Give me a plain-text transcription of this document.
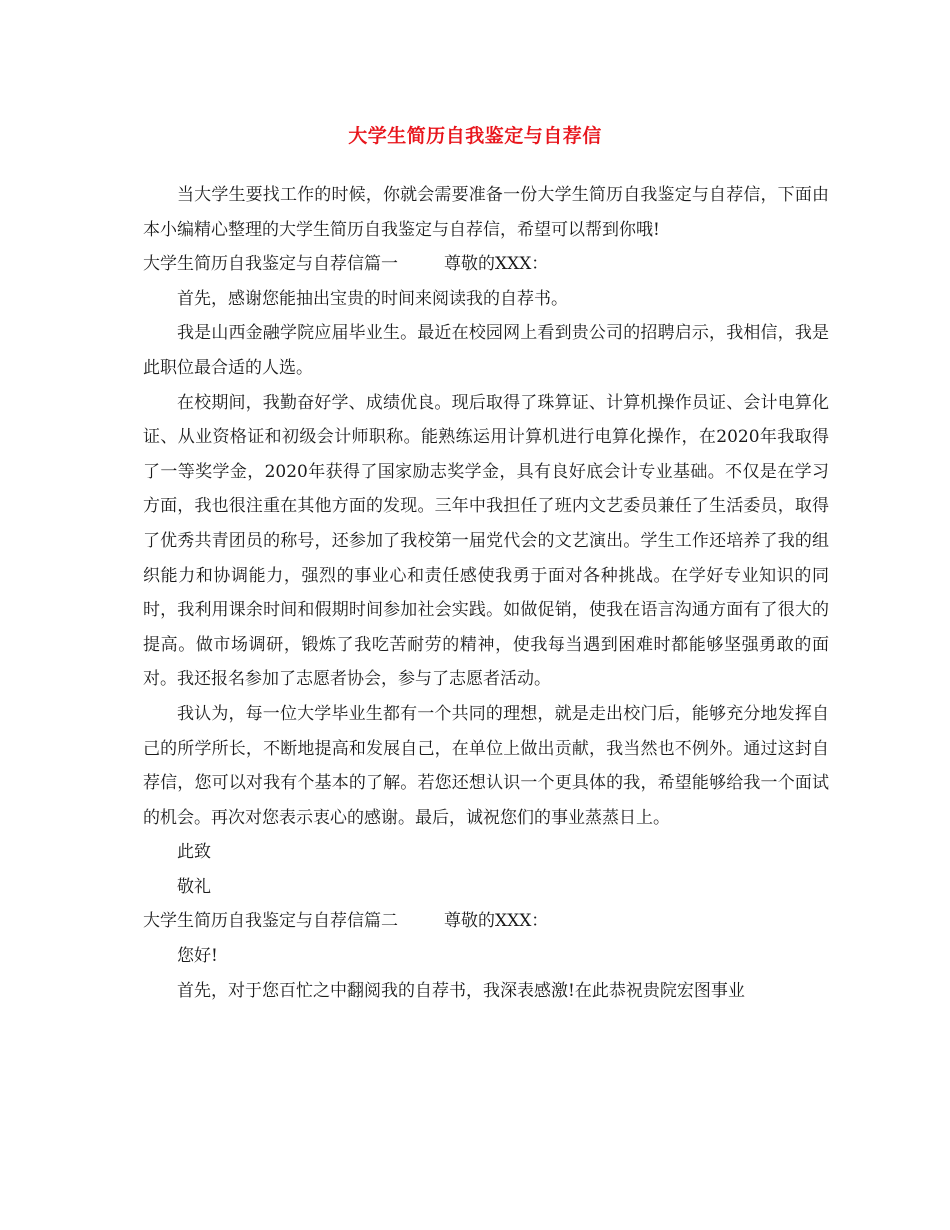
大学生简历自我鉴定与自荐信

当大学生要找工作的时候，你就会需要准备一份大学生简历自我鉴定与自荐信，下面由本小编精心整理的大学生简历自我鉴定与自荐信，希望可以帮到你哦!

大学生简历自我鉴定与自荐信篇一	尊敬的XXX：

首先，感谢您能抽出宝贵的时间来阅读我的自荐书。

我是山西金融学院应届毕业生。最近在校园网上看到贵公司的招聘启示，我相信，我是此职位最合适的人选。

在校期间，我勤奋好学、成绩优良。现后取得了珠算证、计算机操作员证、会计电算化证、从业资格证和初级会计师职称。能熟练运用计算机进行电算化操作，在2020年我取得了一等奖学金，2020年获得了国家励志奖学金，具有良好底会计专业基础。不仅是在学习方面，我也很注重在其他方面的发现。三年中我担任了班内文艺委员兼任了生活委员，取得了优秀共青团员的称号，还参加了我校第一届党代会的文艺演出。学生工作还培养了我的组织能力和协调能力，强烈的事业心和责任感使我勇于面对各种挑战。在学好专业知识的同时，我利用课余时间和假期时间参加社会实践。如做促销，使我在语言沟通方面有了很大的提高。做市场调研，锻炼了我吃苦耐劳的精神，使我每当遇到困难时都能够坚强勇敢的面对。我还报名参加了志愿者协会，参与了志愿者活动。

我认为，每一位大学毕业生都有一个共同的理想，就是走出校门后，能够充分地发挥自己的所学所长，不断地提高和发展自己，在单位上做出贡献，我当然也不例外。通过这封自荐信，您可以对我有个基本的了解。若您还想认识一个更具体的我，希望能够给我一个面试的机会。再次对您表示衷心的感谢。最后，诚祝您们的事业蒸蒸日上。

此致

敬礼

大学生简历自我鉴定与自荐信篇二	尊敬的XXX：

您好!

首先，对于您百忙之中翻阅我的自荐书，我深表感激!在此恭祝贵院宏图事业
